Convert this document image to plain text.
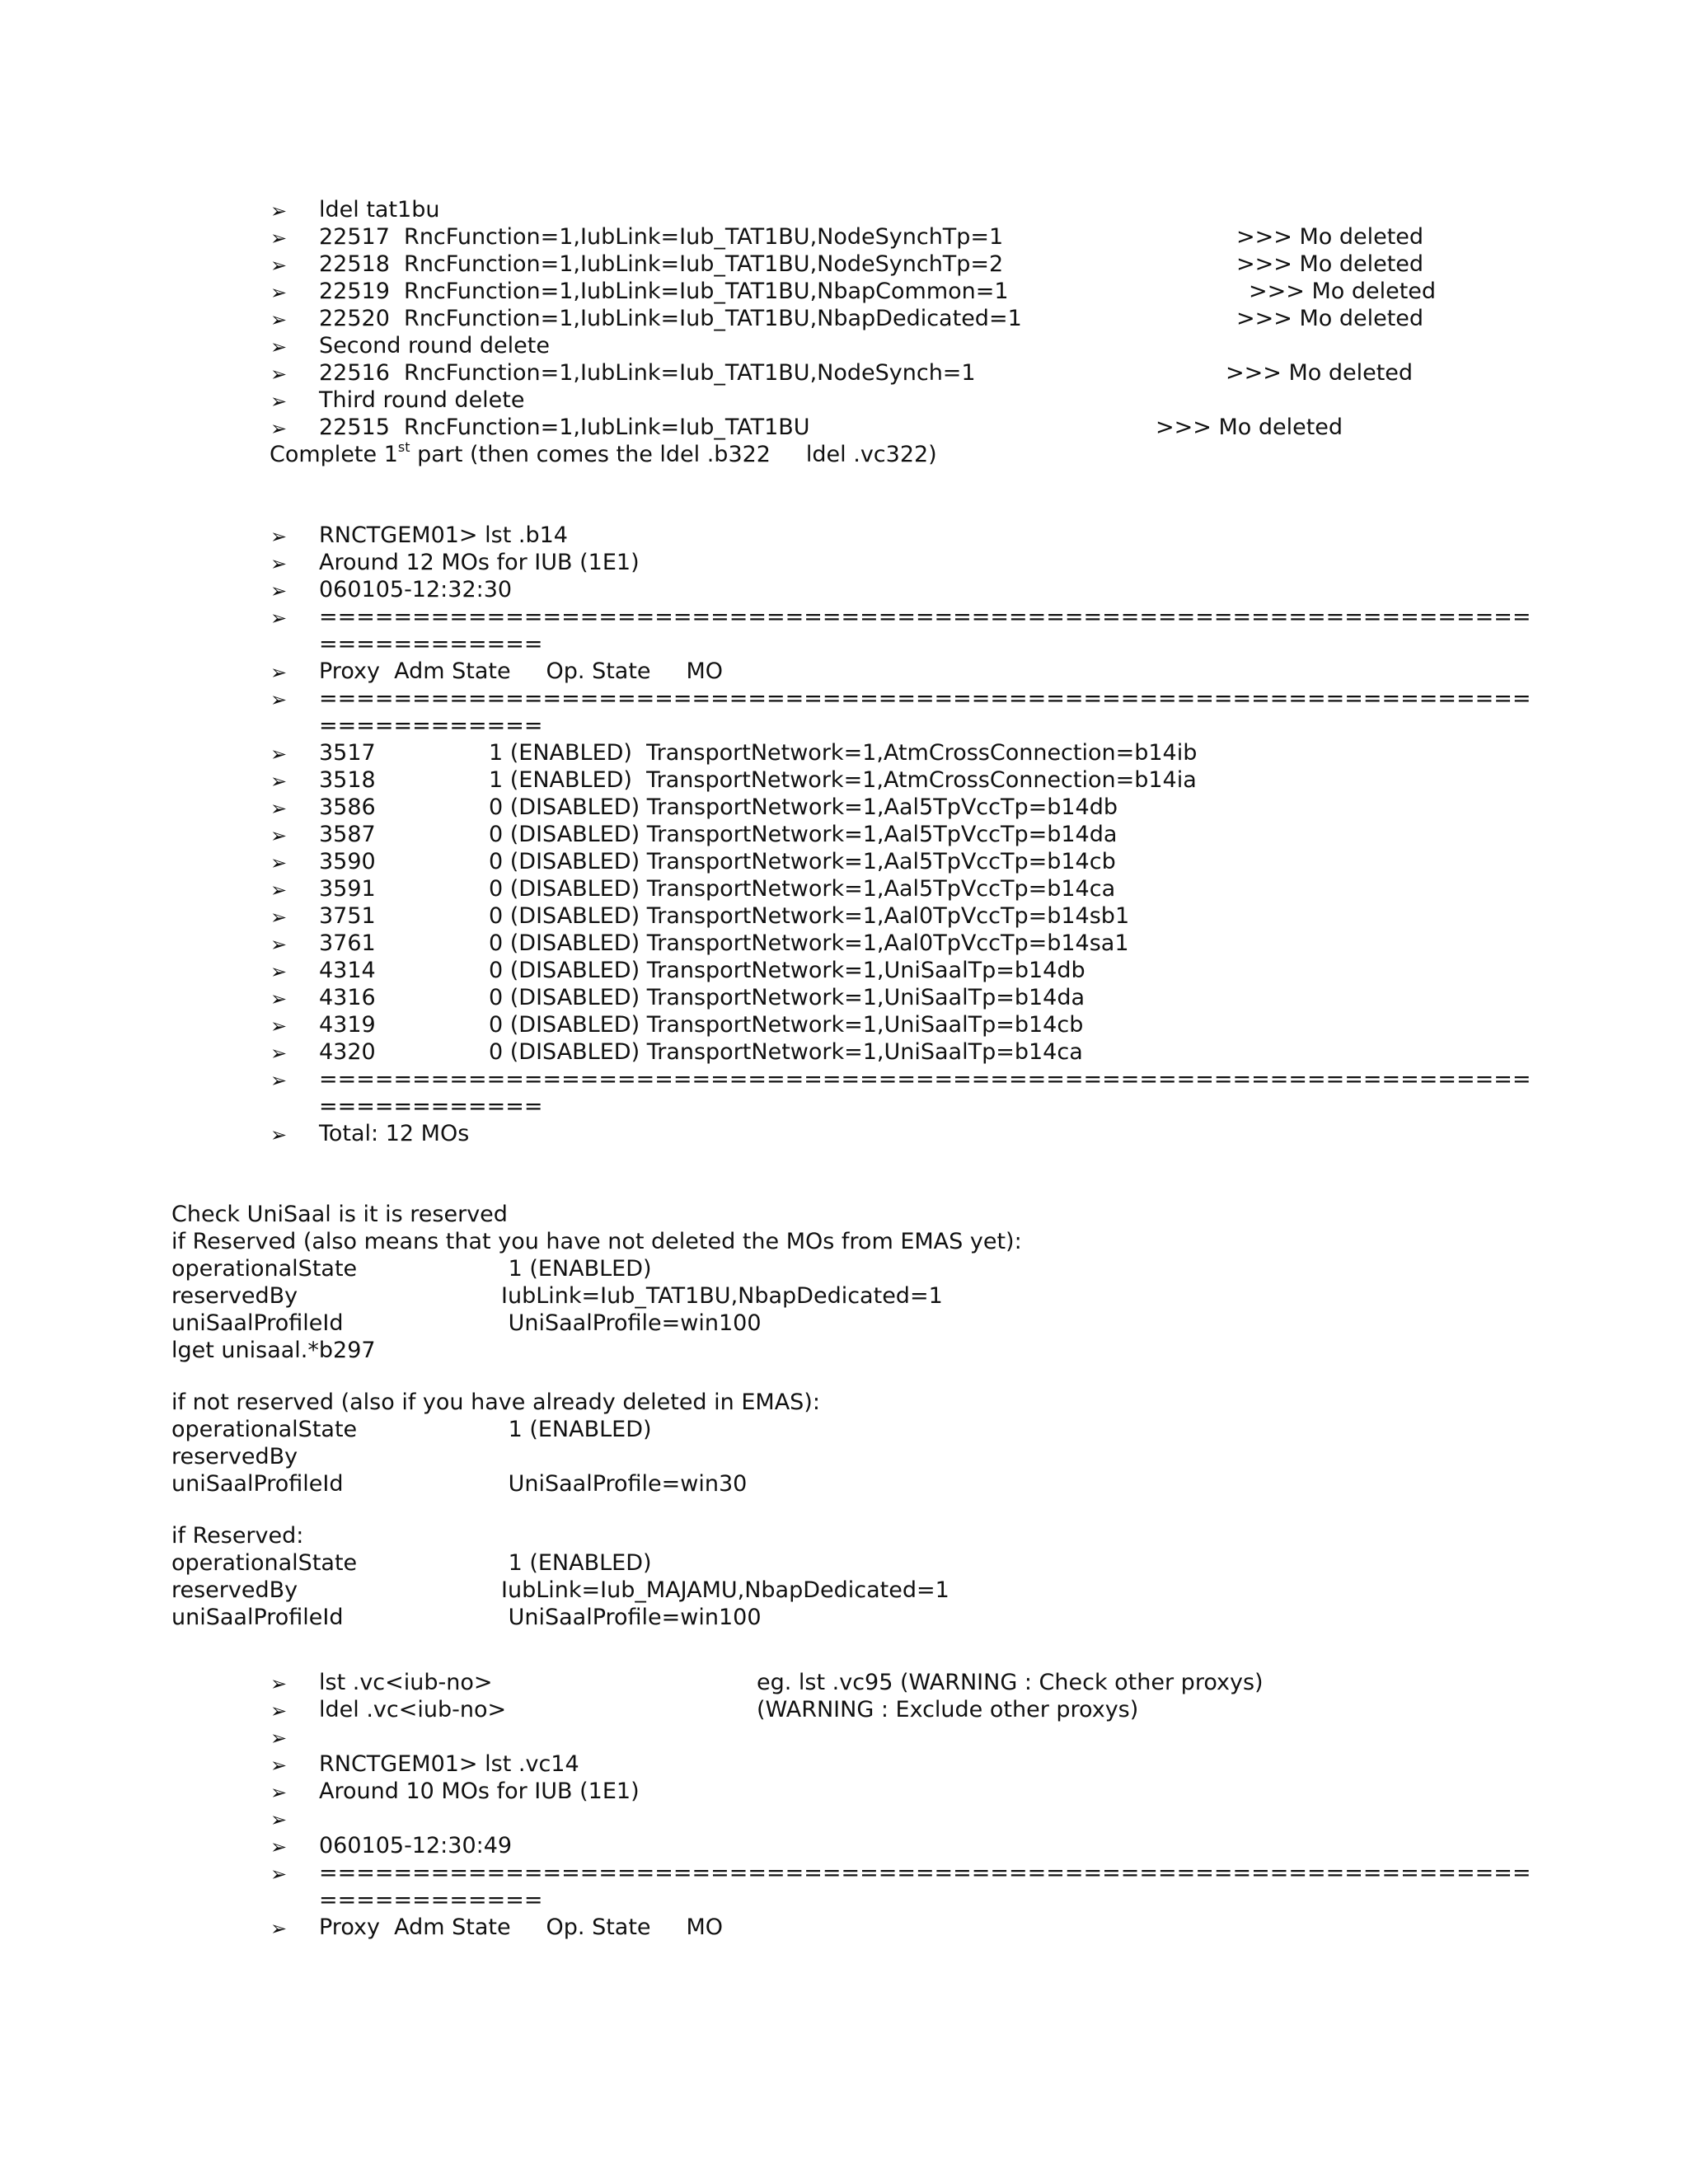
➢ ldel tat1bu
➢ 22517  RncFunction=1,IubLink=Iub_TAT1BU,NodeSynchTp=1	>>> Mo deleted
➢ 22518  RncFunction=1,IubLink=Iub_TAT1BU,NodeSynchTp=2	>>> Mo deleted
➢ 22519  RncFunction=1,IubLink=Iub_TAT1BU,NbapCommon=1	>>> Mo deleted
➢ 22520  RncFunction=1,IubLink=Iub_TAT1BU,NbapDedicated=1	>>> Mo deleted
➢ Second round delete
➢ 22516  RncFunction=1,IubLink=Iub_TAT1BU,NodeSynch=1	>>> Mo deleted
➢ Third round delete
➢ 22515  RncFunction=1,IubLink=Iub_TAT1BU	>>> Mo deleted
Complete 1st part (then comes the ldel .b322     ldel .vc322)
➢ RNCTGEM01> lst .b14
➢ Around 12 MOs for IUB (1E1)
➢ 060105-12:32:30
➢ =================================================================
============
➢ Proxy  Adm State     Op. State     MO
➢ =================================================================
============
➢ 3517	1 (ENABLED)  TransportNetwork=1,AtmCrossConnection=b14ib
➢ 3518	1 (ENABLED)  TransportNetwork=1,AtmCrossConnection=b14ia
➢ 3586	0 (DISABLED) TransportNetwork=1,Aal5TpVccTp=b14db
➢ 3587	0 (DISABLED) TransportNetwork=1,Aal5TpVccTp=b14da
➢ 3590	0 (DISABLED) TransportNetwork=1,Aal5TpVccTp=b14cb
➢ 3591	0 (DISABLED) TransportNetwork=1,Aal5TpVccTp=b14ca
➢ 3751	0 (DISABLED) TransportNetwork=1,Aal0TpVccTp=b14sb1
➢ 3761	0 (DISABLED) TransportNetwork=1,Aal0TpVccTp=b14sa1
➢ 4314	0 (DISABLED) TransportNetwork=1,UniSaalTp=b14db
➢ 4316	0 (DISABLED) TransportNetwork=1,UniSaalTp=b14da
➢ 4319	0 (DISABLED) TransportNetwork=1,UniSaalTp=b14cb
➢ 4320	0 (DISABLED) TransportNetwork=1,UniSaalTp=b14ca
➢ =================================================================
============
➢ Total: 12 MOs
Check UniSaal is it is reserved
if Reserved (also means that you have not deleted the MOs from EMAS yet):
operationalState	1 (ENABLED)
reservedBy	IubLink=Iub_TAT1BU,NbapDedicated=1
uniSaalProfileId	UniSaalProfile=win100
lget unisaal.*b297
if not reserved (also if you have already deleted in EMAS):
operationalState	1 (ENABLED)
reservedBy
uniSaalProfileId	UniSaalProfile=win30
if Reserved:
operationalState	1 (ENABLED)
reservedBy	IubLink=Iub_MAJAMU,NbapDedicated=1
uniSaalProfileId	UniSaalProfile=win100
➢ lst .vc<iub-no>	eg. lst .vc95 (WARNING : Check other proxys)
➢ ldel .vc<iub-no>	(WARNING : Exclude other proxys)
➢
➢ RNCTGEM01> lst .vc14
➢ Around 10 MOs for IUB (1E1)
➢
➢ 060105-12:30:49
➢ =================================================================
============
➢ Proxy  Adm State     Op. State     MO
